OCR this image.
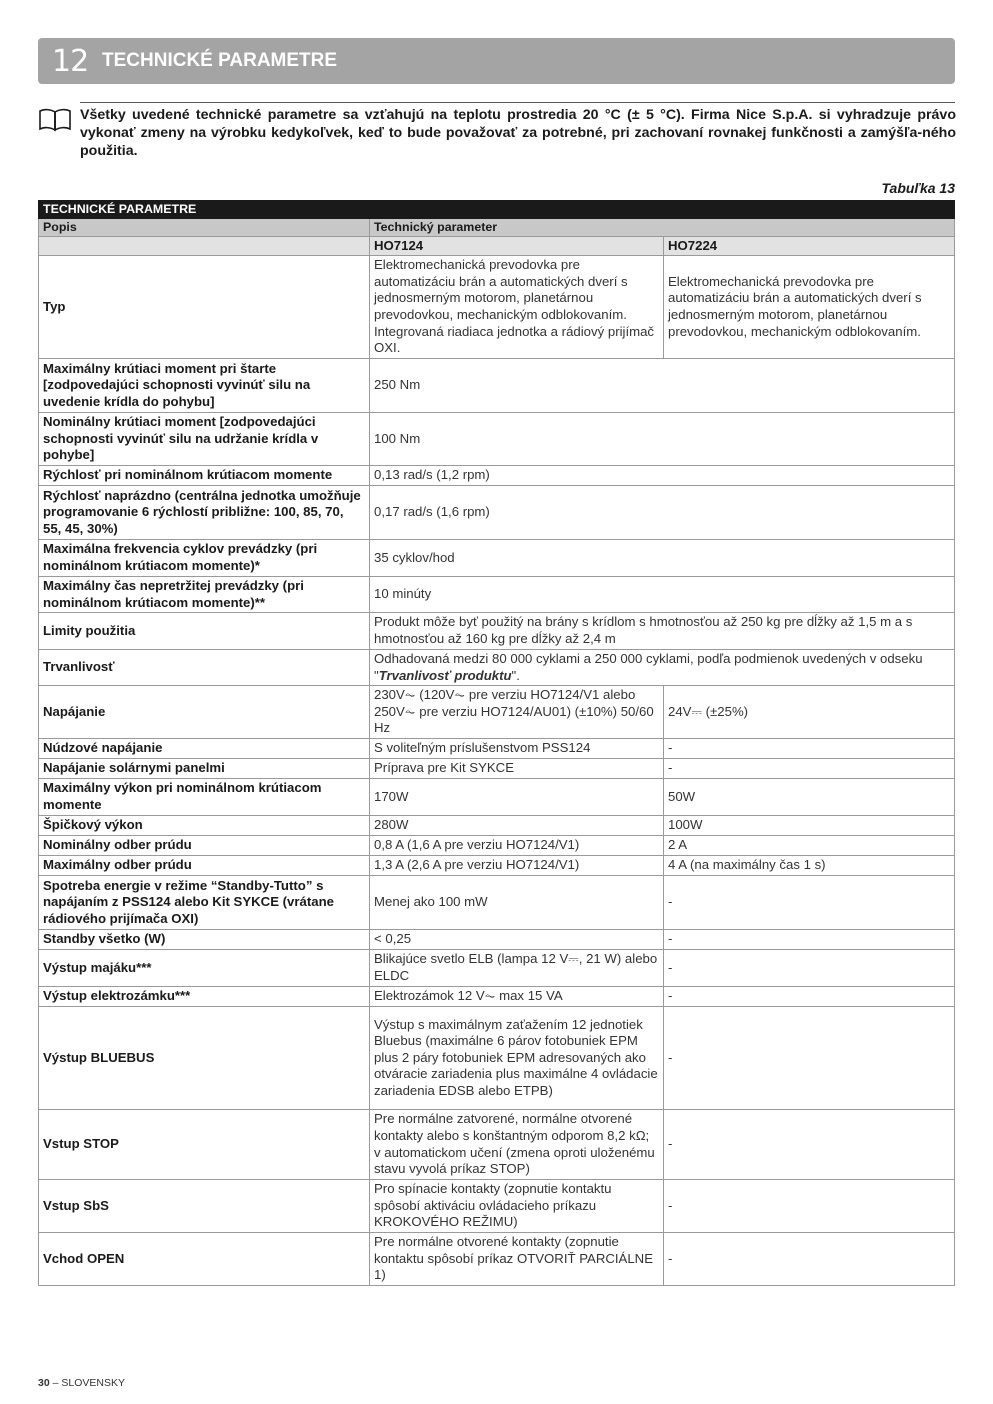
12 TECHNICKÉ PARAMETRE
Všetky uvedené technické parametre sa vzťahujú na teplotu prostredia 20 °C (± 5 °C). Firma Nice S.p.A. si vyhradzuje právo vykonať zmeny na výrobku kedykoľvek, keď to bude považovať za potrebné, pri zachovaní rovnakej funkčnosti a zamýšľa-ného použitia.
Tabuľka 13
TECHNICKÉ PARAMETRE		
Popis	Technický parameter	
	HO7124	HO7224
Typ	Elektromechanická prevodovka pre automatizáciu brán a automatických dverí s jednosmerným motorom, planetárnou prevodovkou, mechanickým odblokovaním. Integrovaná riadiaca jednotka a rádiový prijímač OXI.	Elektromechanická prevodovka pre automatizáciu brán a automatických dverí s jednosmerným motorom, planetárnou prevodovkou, mechanickým odblokovaním.
Maximálny krútiaci moment pri štarte [zodpovedajúci schopnosti vyvinúť silu na uvedenie krídla do pohybu]	250 Nm	
Nominálny krútiaci moment [zodpovedajúci schopnosti vyvinúť silu na udržanie krídla v pohybe]	100 Nm	
Rýchlosť pri nominálnom krútiacom momente	0,13 rad/s (1,2 rpm)	
Rýchlosť naprázdno (centrálna jednotka umožňuje programovanie 6 rýchlostí približne: 100, 85, 70, 55, 45, 30%)	0,17 rad/s (1,6 rpm)	
Maximálna frekvencia cyklov prevádzky (pri nominálnom krútiacom momente)*	35 cyklov/hod	
Maximálny čas nepretržitej prevádzky (pri nominálnom krútiacom momente)**	10 minúty	
Limity použitia	Produkt môže byť použitý na brány s krídlom s hmotnosťou až 250 kg pre dĺžky až 1,5 m a s hmotnosťou až 160 kg pre dĺžky až 2,4 m	
Trvanlivosť	Odhadovaná medzi 80 000 cyklami a 250 000 cyklami, podľa podmienok uvedených v odseku "Trvanlivosť produktu".	
Napájanie	230V⏦ (120V⏦ pre verziu HO7124/V1 alebo 250V⏦ pre verziu HO7124/AU01) (±10%) 50/60 Hz	24V⎓ (±25%)
Núdzové napájanie	S voliteľným príslušenstvom PSS124	-
Napájanie solárnymi panelmi	Príprava pre Kit SYKCE	-
Maximálny výkon pri nominálnom krútiacom momente	170W	50W
Špičkový výkon	280W	100W
Nominálny odber prúdu	0,8 A (1,6 A pre verziu HO7124/V1)	2 A
Maximálny odber prúdu	1,3 A (2,6 A pre verziu HO7124/V1)	4 A (na maximálny čas 1 s)
Spotreba energie v režime “Standby-Tutto” s napájaním z PSS124 alebo Kit SYKCE (vrátane rádiového prijímača OXI)	Menej ako 100 mW	-
Standby všetko (W)	< 0,25	-
Výstup majáku***	Blikajúce svetlo ELB (lampa 12 V⎓, 21 W) alebo ELDC	-
Výstup elektrozámku***	Elektrozámok 12 V⏦ max 15 VA	-
Výstup BLUEBUS	Výstup s maximálnym zaťažením 12 jednotiek Bluebus (maximálne 6 párov fotobuniek EPM plus 2 páry fotobuniek EPM adresovaných ako otváracie zariadenia plus maximálne 4 ovládacie zariadenia EDSB alebo ETPB)	-
Vstup STOP	Pre normálne zatvorené, normálne otvorené kontakty alebo s konštantným odporom 8,2 kΩ; v automatickom učení (zmena oproti uloženému stavu vyvolá príkaz STOP)	-
Vstup SbS	Pro spínacie kontakty (zopnutie kontaktu spôsobí aktiváciu ovládacieho príkazu KROKOVÉHO REŽIMU)	-
Vchod OPEN	Pre normálne otvorené kontakty (zopnutie kontaktu spôsobí príkaz OTVORIŤ PARCIÁLNE 1)	-
30 – SLOVENSKY
